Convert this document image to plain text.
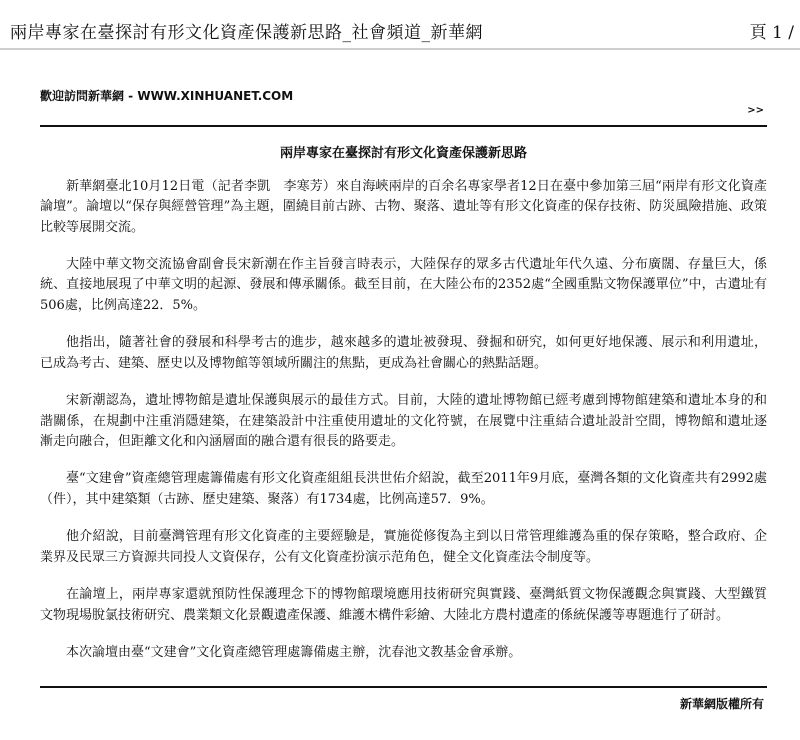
兩岸專家在臺探討有形文化資產保護新思路_社會頻道_新華網	頁 1 /
歡迎訪問新華網 - WWW.XINHUANET.COM
>>
兩岸專家在臺探討有形文化資產保護新思路

新華網臺北10月12日電（記者李凱　李寒芳）來自海峽兩岸的百余名專家學者12日在臺中參加第三屆“兩岸有形文化資產論壇”。論壇以“保存與經營管理”為主題，圍繞目前古跡、古物、聚落、遺址等有形文化資產的保存技術、防災風險措施、政策比較等展開交流。

大陸中華文物交流協會副會長宋新潮在作主旨發言時表示，大陸保存的眾多古代遺址年代久遠、分布廣闊、存量巨大，係統、直接地展現了中華文明的起源、發展和傳承關係。截至目前，在大陸公布的2352處“全國重點文物保護單位”中，古遺址有506處，比例高達22．5%。

他指出，隨著社會的發展和科學考古的進步，越來越多的遺址被發現、發掘和研究，如何更好地保護、展示和利用遺址，已成為考古、建築、歷史以及博物館等領域所關注的焦點，更成為社會關心的熱點話題。

宋新潮認為，遺址博物館是遺址保護與展示的最佳方式。目前，大陸的遺址博物館已經考慮到博物館建築和遺址本身的和諧關係，在規劃中注重消隱建築，在建築設計中注重使用遺址的文化符號，在展覽中注重結合遺址設計空間，博物館和遺址逐漸走向融合，但距離文化和內涵層面的融合還有很長的路要走。

臺“文建會”資產總管理處籌備處有形文化資產組組長洪世佑介紹說，截至2011年9月底，臺灣各類的文化資產共有2992處（件），其中建築類（古跡、歷史建築、聚落）有1734處，比例高達57．9%。

他介紹說，目前臺灣管理有形文化資產的主要經驗是，實施從修復為主到以日常管理維護為重的保存策略，整合政府、企業界及民眾三方資源共同投人文資保存，公有文化資產扮演示范角色，健全文化資產法令制度等。

在論壇上，兩岸專家還就預防性保護理念下的博物館環境應用技術研究與實踐、臺灣紙質文物保護觀念與實踐、大型鐵質文物現場脫氯技術研究、農業類文化景觀遺產保護、維護木構件彩繪、大陸北方農村遺產的係統保護等專題進行了研討。

本次論壇由臺“文建會”文化資產總管理處籌備處主辦，沈春池文教基金會承辦。

新華網版權所有
